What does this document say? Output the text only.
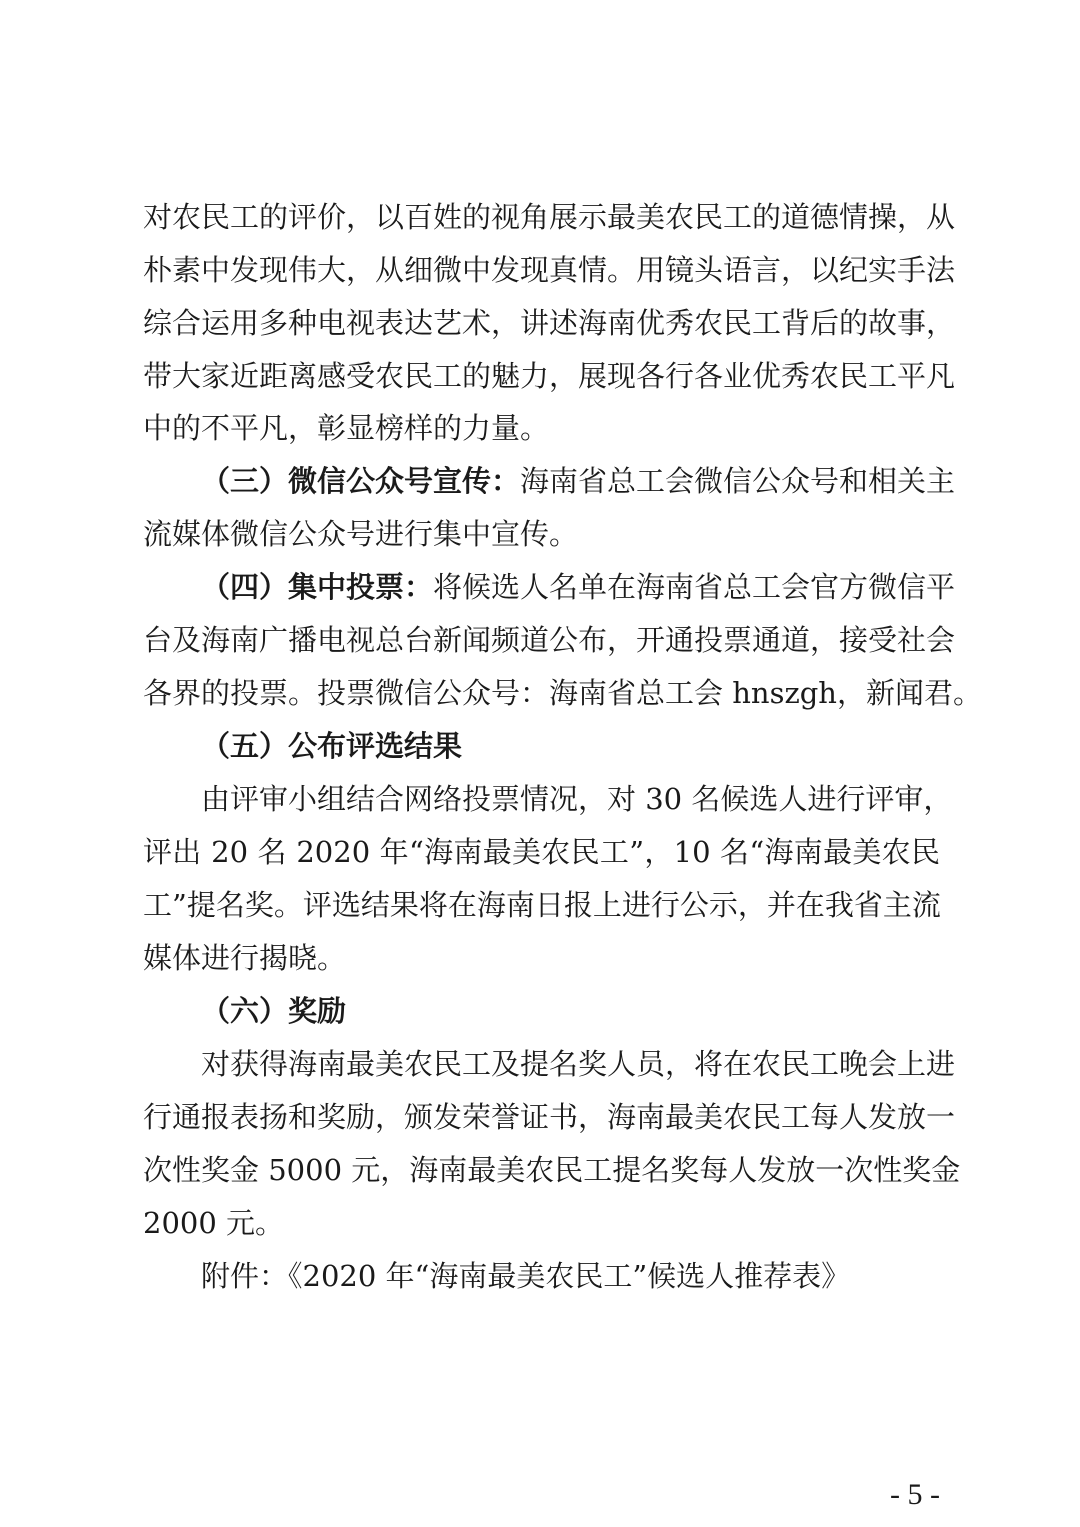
对农民工的评价，以百姓的视角展示最美农民工的道德情操，从
朴素中发现伟大，从细微中发现真情。用镜头语言，以纪实手法
综合运用多种电视表达艺术，讲述海南优秀农民工背后的故事，
带大家近距离感受农民工的魅力，展现各行各业优秀农民工平凡
中的不平凡，彰显榜样的力量。
（三）微信公众号宣传：海南省总工会微信公众号和相关主
流媒体微信公众号进行集中宣传。
（四）集中投票：将候选人名单在海南省总工会官方微信平
台及海南广播电视总台新闻频道公布，开通投票通道，接受社会
各界的投票。投票微信公众号：海南省总工会 hnszgh，新闻君。
（五）公布评选结果
由评审小组结合网络投票情况，对 30 名候选人进行评审，
评出 20 名 2020 年“海南最美农民工”，10 名“海南最美农民
工”提名奖。评选结果将在海南日报上进行公示，并在我省主流
媒体进行揭晓。
（六）奖励
对获得海南最美农民工及提名奖人员，将在农民工晚会上进
行通报表扬和奖励，颁发荣誉证书，海南最美农民工每人发放一
次性奖金 5000 元，海南最美农民工提名奖每人发放一次性奖金
2000 元。
附件：《2020 年“海南最美农民工”候选人推荐表》
- 5 -
